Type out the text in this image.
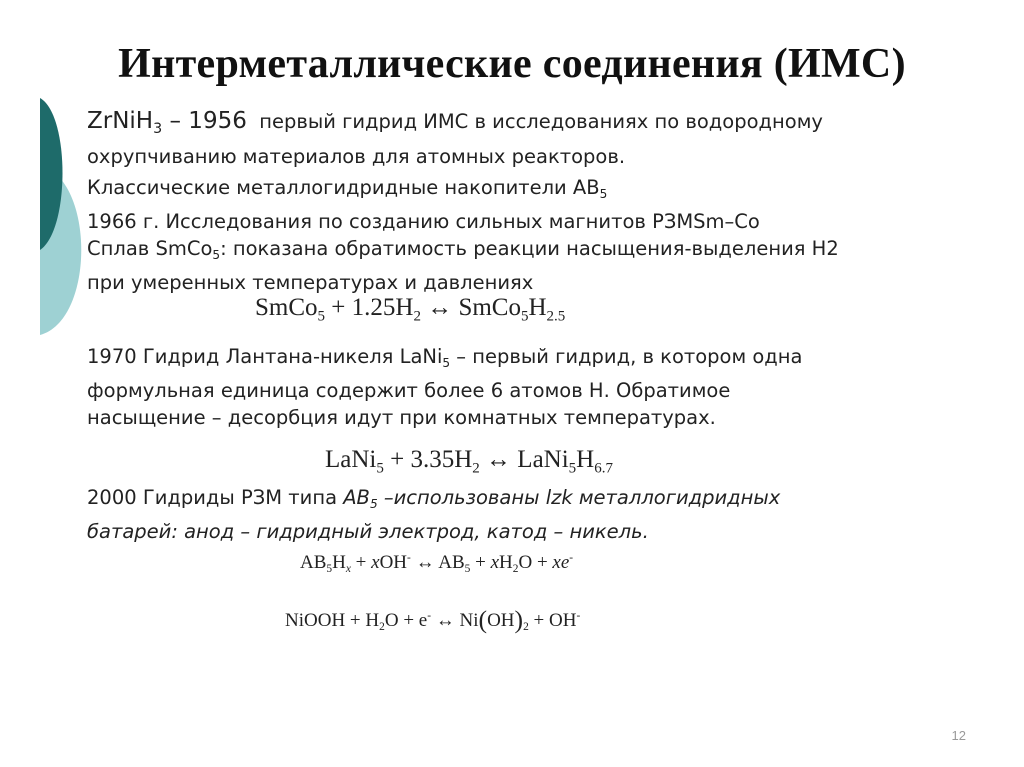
Интерметаллические соединения (ИМС)
ZrNiH$_3$ – 1956 первый гидрид ИМС в исследованиях по водородному
охрупчиванию материалов для атомных реакторов.
Классические металлогидридные накопители $АВ_5$
1966 г. Исследования по созданию сильных магнитов РЗМSm–Co
Сплав SmCo$_5$: показана обратимость реакции насыщения-выделения Н2
при умеренных температурах и давлениях
SmCo$_5$ + $1.25H_2$ ↔ $SmCo_5H_{2.5}$
1970 Гидрид Лантана-никеля LaNi$_5$ – первый гидрид, в котором одна
формульная единица содержит более 6 атомов Н. Обратимое
насыщение – десорбция идут при комнатных температурах.
LaNi$_5$ + $3.35H_2$ ↔ $LaNi_5H_{6.7}$
2000 Гидриды РЗМ типа $АВ_5$ –использованы lzk металлогидридных
батарей: анод – гидридный электрод, катод – никель.
$AB_5H_x + xOH^-$ ↔ $AB_5 + xH_2O + xe^-$
NiOOH + $H_2O + e^-$ ↔ $Ni(OH)_2 + OH^-$
12
